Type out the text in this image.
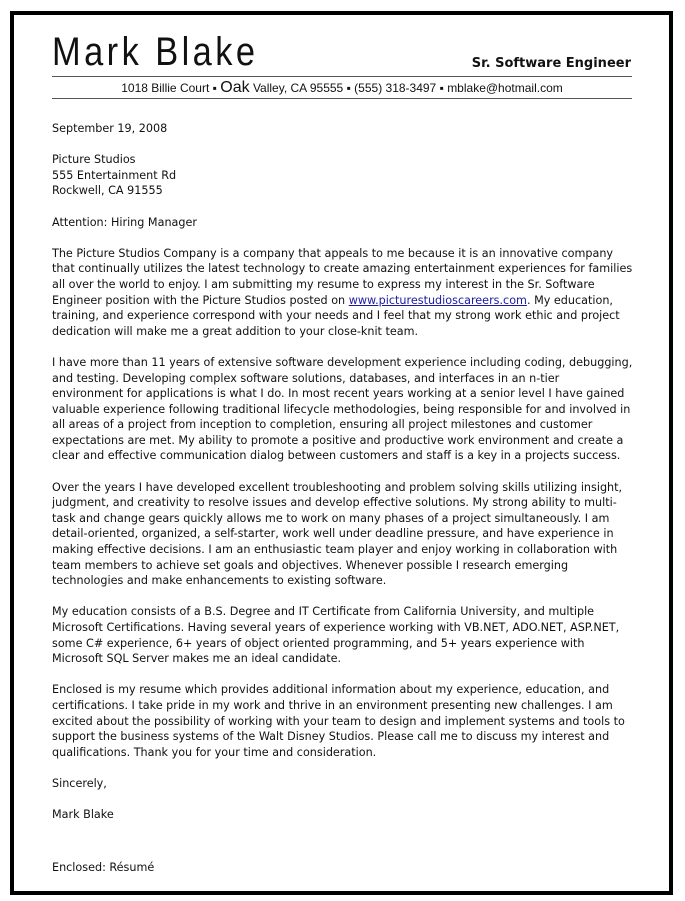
Mark Blake	Sr. Software Engineer
1018 Billie Court ▪ Oak Valley, CA 95555 ▪ (555) 318-3497 ▪ mblake@hotmail.com

September 19, 2008

Picture Studios
555 Entertainment Rd
Rockwell, CA 91555

Attention: Hiring Manager

The Picture Studios Company is a company that appeals to me because it is an innovative company that continually utilizes the latest technology to create amazing entertainment experiences for families all over the world to enjoy. I am submitting my resume to express my interest in the Sr. Software Engineer position with the Picture Studios posted on www.picturestudioscareers.com. My education, training, and experience correspond with your needs and I feel that my strong work ethic and project dedication will make me a great addition to your close-knit team.

I have more than 11 years of extensive software development experience including coding, debugging, and testing. Developing complex software solutions, databases, and interfaces in an n-tier environment for applications is what I do. In most recent years working at a senior level I have gained valuable experience following traditional lifecycle methodologies, being responsible for and involved in all areas of a project from inception to completion, ensuring all project milestones and customer expectations are met. My ability to promote a positive and productive work environment and create a clear and effective communication dialog between customers and staff is a key in a projects success.

Over the years I have developed excellent troubleshooting and problem solving skills utilizing insight, judgment, and creativity to resolve issues and develop effective solutions. My strong ability to multi-task and change gears quickly allows me to work on many phases of a project simultaneously. I am detail-oriented, organized, a self-starter, work well under deadline pressure, and have experience in making effective decisions. I am an enthusiastic team player and enjoy working in collaboration with team members to achieve set goals and objectives. Whenever possible I research emerging technologies and make enhancements to existing software.

My education consists of a B.S. Degree and IT Certificate from California University, and multiple Microsoft Certifications. Having several years of experience working with VB.NET, ADO.NET, ASP.NET, some C# experience, 6+ years of object oriented programming, and 5+ years experience with Microsoft SQL Server makes me an ideal candidate.

Enclosed is my resume which provides additional information about my experience, education, and certifications. I take pride in my work and thrive in an environment presenting new challenges. I am excited about the possibility of working with your team to design and implement systems and tools to support the business systems of the Walt Disney Studios. Please call me to discuss my interest and qualifications. Thank you for your time and consideration.

Sincerely,

Mark Blake

Enclosed: Résumé
